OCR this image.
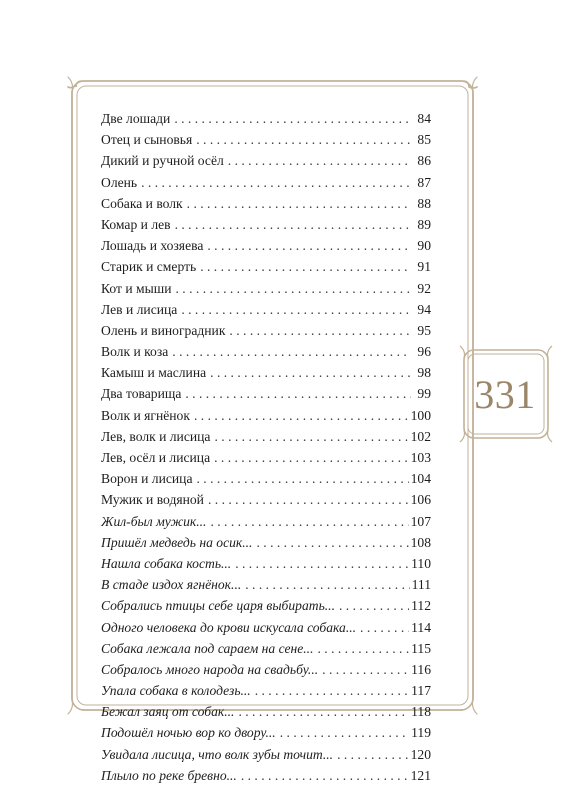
331
Две лошади . . .	84
Отец и сыновья . . .	85
Дикий и ручной осёл . . .	86
Олень . . .	87
Собака и волк . . .	88
Комар и лев . . .	89
Лошадь и хозяева . . .	90
Старик и смерть . . .	91
Кот и мыши . . .	92
Лев и лисица . . .	94
Олень и виноградник . . .	95
Волк и коза . . .	96
Камыш и маслина . . .	98
Два товарища . . .	99
Волк и ягнёнок . . .	100
Лев, волк и лисица . . .	102
Лев, осёл и лисица . . .	103
Ворон и лисица . . .	104
Мужик и водяной . . .	106
Жил-был мужик... . . .	107
Пришёл медведь на осик... . . .	108
Нашла собака кость... . . .	110
В стаде издох ягнёнок... . . .	111
Собрались птицы себе царя выбирать... . . .	112
Одного человека до крови искусала собака... . . .	114
Собака лежала под сараем на сене... . . .	115
Собралось много народа на свадьбу... . . .	116
Упала собака в колодезь... . . .	117
Бежал заяц от собак... . . .	118
Подошёл ночью вор ко двору... . . .	119
Увидала лисица, что волк зубы точит... . . .	120
Плыло по реке бревно... . . .	121
